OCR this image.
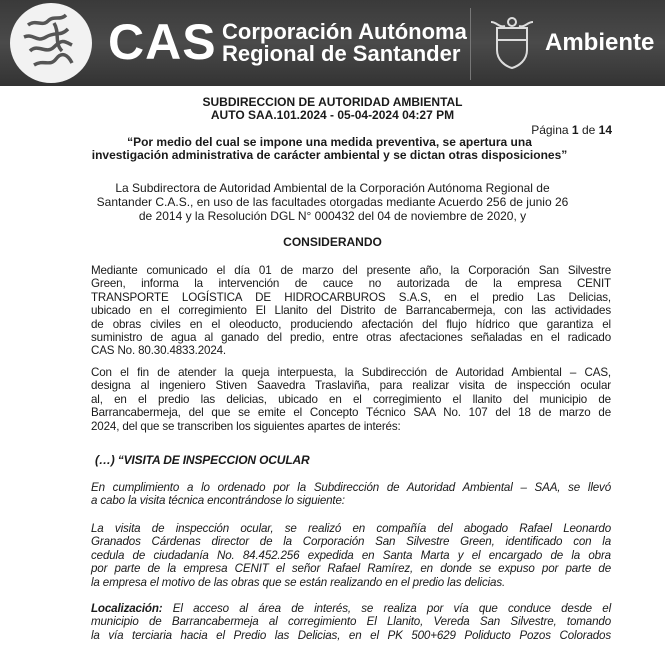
CAS Corporación Autónoma
Regional de Santander	Ambiente
SUBDIRECCION DE AUTORIDAD AMBIENTAL
AUTO SAA.101.2024 - 05-04-2024 04:27 PM
Página 1 de 14
“Por medio del cual se impone una medida preventiva, se apertura una
investigación administrativa de carácter ambiental y se dictan otras disposiciones”
La Subdirectora de Autoridad Ambiental de la Corporación Autónoma Regional de
Santander C.A.S., en uso de las facultades otorgadas mediante Acuerdo 256 de junio 26
de 2014 y la Resolución DGL N° 000432 del 04 de noviembre de 2020, y
CONSIDERANDO
Mediante comunicado el día 01 de marzo del presente año, la Corporación San Silvestre
Green, informa la intervención de cauce no autorizada de la empresa CENIT
TRANSPORTE LOGÍSTICA DE HIDROCARBUROS S.A.S, en el predio Las Delicias,
ubicado en el corregimiento El Llanito del Distrito de Barrancabermeja, con las actividades
de obras civiles en el oleoducto, produciendo afectación del flujo hídrico que garantiza el
suministro de agua al ganado del predio, entre otras afectaciones señaladas en el radicado
CAS No. 80.30.4833.2024.
Con el fin de atender la queja interpuesta, la Subdirección de Autoridad Ambiental – CAS,
designa al ingeniero Stiven Saavedra Traslaviña, para realizar visita de inspección ocular
al, en el predio las delicias, ubicado en el corregimiento el llanito del municipio de
Barrancabermeja, del que se emite el Concepto Técnico SAA No. 107 del 18 de marzo de
2024, del que se transcriben los siguientes apartes de interés:
(…) “VISITA DE INSPECCION OCULAR
En cumplimiento a lo ordenado por la Subdirección de Autoridad Ambiental – SAA, se llevó
a cabo la visita técnica encontrándose lo siguiente:
La visita de inspección ocular, se realizó en compañía del abogado Rafael Leonardo
Granados Cárdenas director de la Corporación San Silvestre Green, identificado con la
cedula de ciudadanía No. 84.452.256 expedida en Santa Marta y el encargado de la obra
por parte de la empresa CENIT el señor Rafael Ramírez, en donde se expuso por parte de
la empresa el motivo de las obras que se están realizando en el predio las delicias.
Localización: El acceso al área de interés, se realiza por vía que conduce desde el
municipio de Barrancabermeja al corregimiento El Llanito, Vereda San Silvestre, tomando
la vía terciaria hacia el Predio las Delicias, en el PK 500+629 Poliducto Pozos Colorados
